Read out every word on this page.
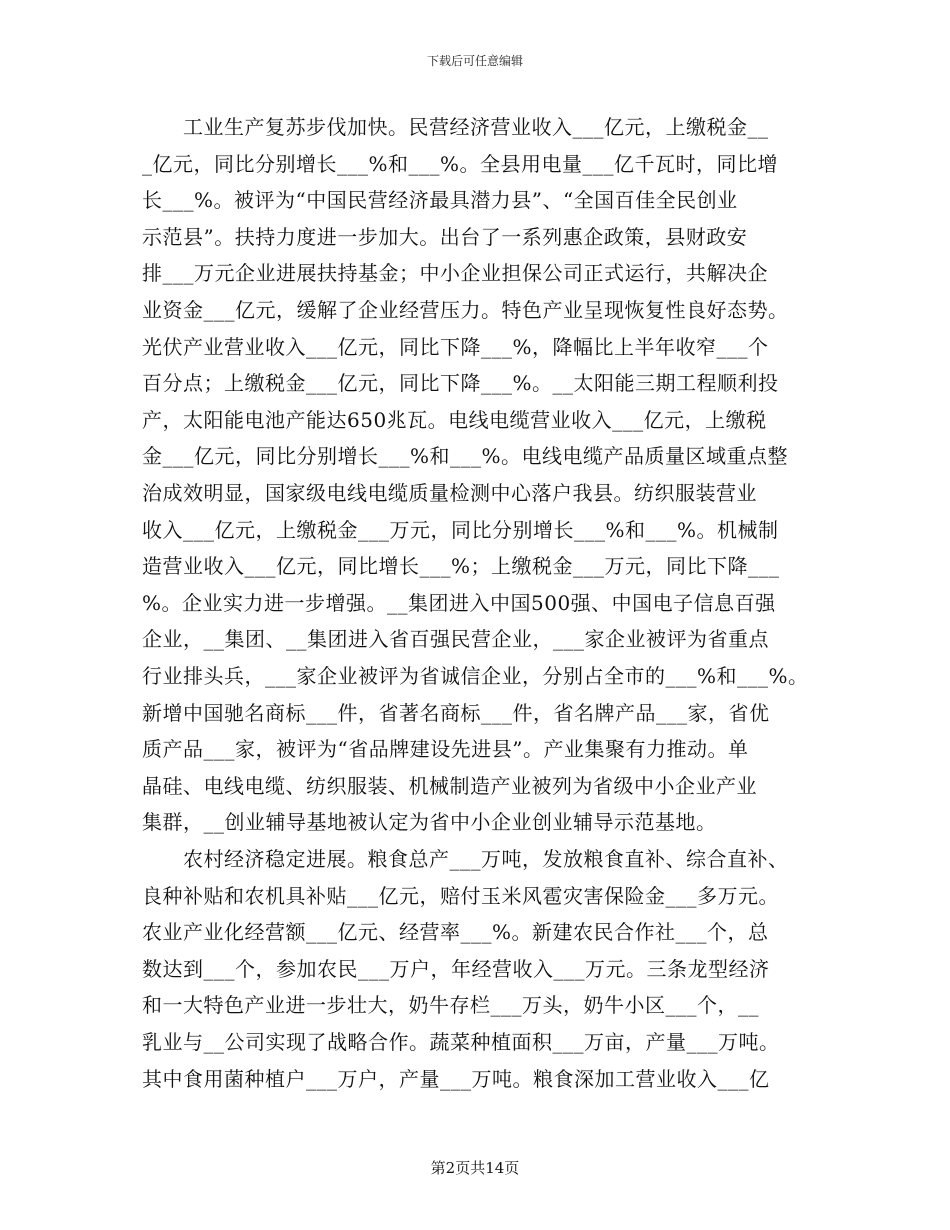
下载后可任意编辑
　　工业生产复苏步伐加快。民营经济营业收入___亿元，上缴税金__
_亿元，同比分别增长___%和___%。全县用电量___亿千瓦时，同比增
长___%。被评为“中国民营经济最具潜力县”、“全国百佳全民创业
示范县”。扶持力度进一步加大。出台了一系列惠企政策，县财政安
排___万元企业进展扶持基金；中小企业担保公司正式运行，共解决企
业资金___亿元，缓解了企业经营压力。特色产业呈现恢复性良好态势。
光伏产业营业收入___亿元，同比下降___%，降幅比上半年收窄___个
百分点；上缴税金___亿元，同比下降___%。__太阳能三期工程顺利投
产，太阳能电池产能达650兆瓦。电线电缆营业收入___亿元，上缴税
金___亿元，同比分别增长___%和___%。电线电缆产品质量区域重点整
治成效明显，国家级电线电缆质量检测中心落户我县。纺织服装营业
收入___亿元，上缴税金___万元，同比分别增长___%和___%。机械制
造营业收入___亿元，同比增长___%；上缴税金___万元，同比下降___
%。企业实力进一步增强。__集团进入中国500强、中国电子信息百强
企业，__集团、__集团进入省百强民营企业，___家企业被评为省重点
行业排头兵，___家企业被评为省诚信企业，分别占全市的___%和___%。
新增中国驰名商标___件，省著名商标___件，省名牌产品___家，省优
质产品___家，被评为“省品牌建设先进县”。产业集聚有力推动。单
晶硅、电线电缆、纺织服装、机械制造产业被列为省级中小企业产业
集群，__创业辅导基地被认定为省中小企业创业辅导示范基地。
　　农村经济稳定进展。粮食总产___万吨，发放粮食直补、综合直补、
良种补贴和农机具补贴___亿元，赔付玉米风雹灾害保险金___多万元。
农业产业化经营额___亿元、经营率___%。新建农民合作社___个，总
数达到___个，参加农民___万户，年经营收入___万元。三条龙型经济
和一大特色产业进一步壮大，奶牛存栏___万头，奶牛小区___个，__
乳业与__公司实现了战略合作。蔬菜种植面积___万亩，产量___万吨。
其中食用菌种植户___万户，产量___万吨。粮食深加工营业收入___亿
第2页共14页
